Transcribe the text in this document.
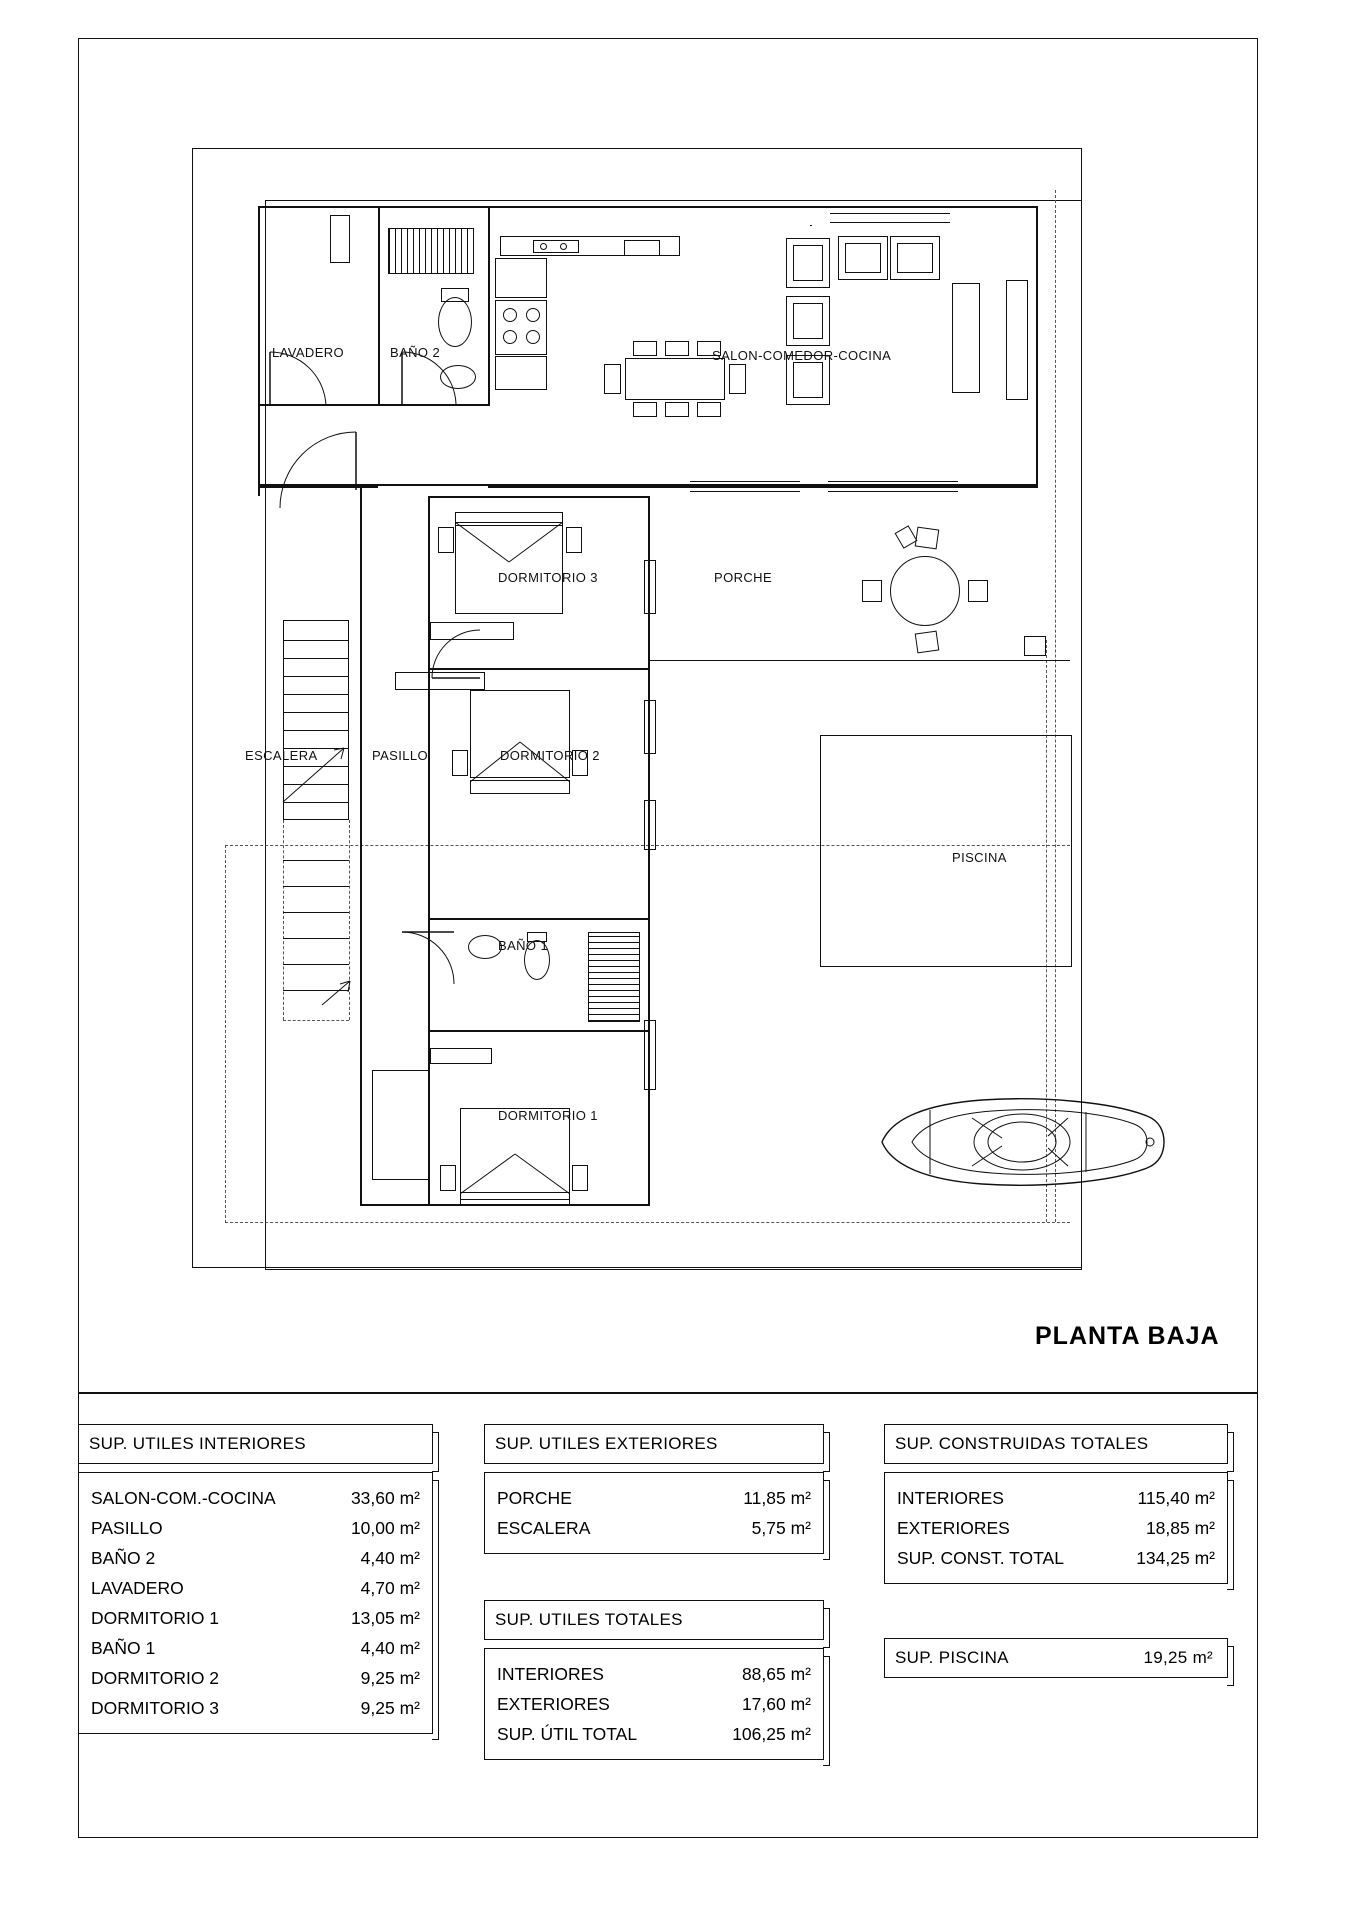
LAVADERO	BAÑO 2	SALON-COMEDOR-COCINA
DORMITORIO 3	PORCHE
ESCALERA	PASILLO	DORMITORIO 2
PISCINA
BAÑO 1
DORMITORIO 1
PLANTA BAJA
SUP. UTILES INTERIORES
SALON-COM.-COCINA	33,60 m²
PASILLO	10,00 m²
BAÑO 2	4,40 m²
LAVADERO	4,70 m²
DORMITORIO 1	13,05 m²
BAÑO 1	4,40 m²
DORMITORIO 2	9,25 m²
DORMITORIO 3	9,25 m²
SUP. UTILES EXTERIORES
PORCHE	11,85 m²
ESCALERA	5,75 m²
SUP. UTILES TOTALES
INTERIORES	88,65 m²
EXTERIORES	17,60 m²
SUP. ÚTIL TOTAL	106,25 m²
SUP. CONSTRUIDAS TOTALES
INTERIORES	115,40 m²
EXTERIORES	18,85 m²
SUP. CONST. TOTAL	134,25 m²
SUP. PISCINA	19,25 m²
